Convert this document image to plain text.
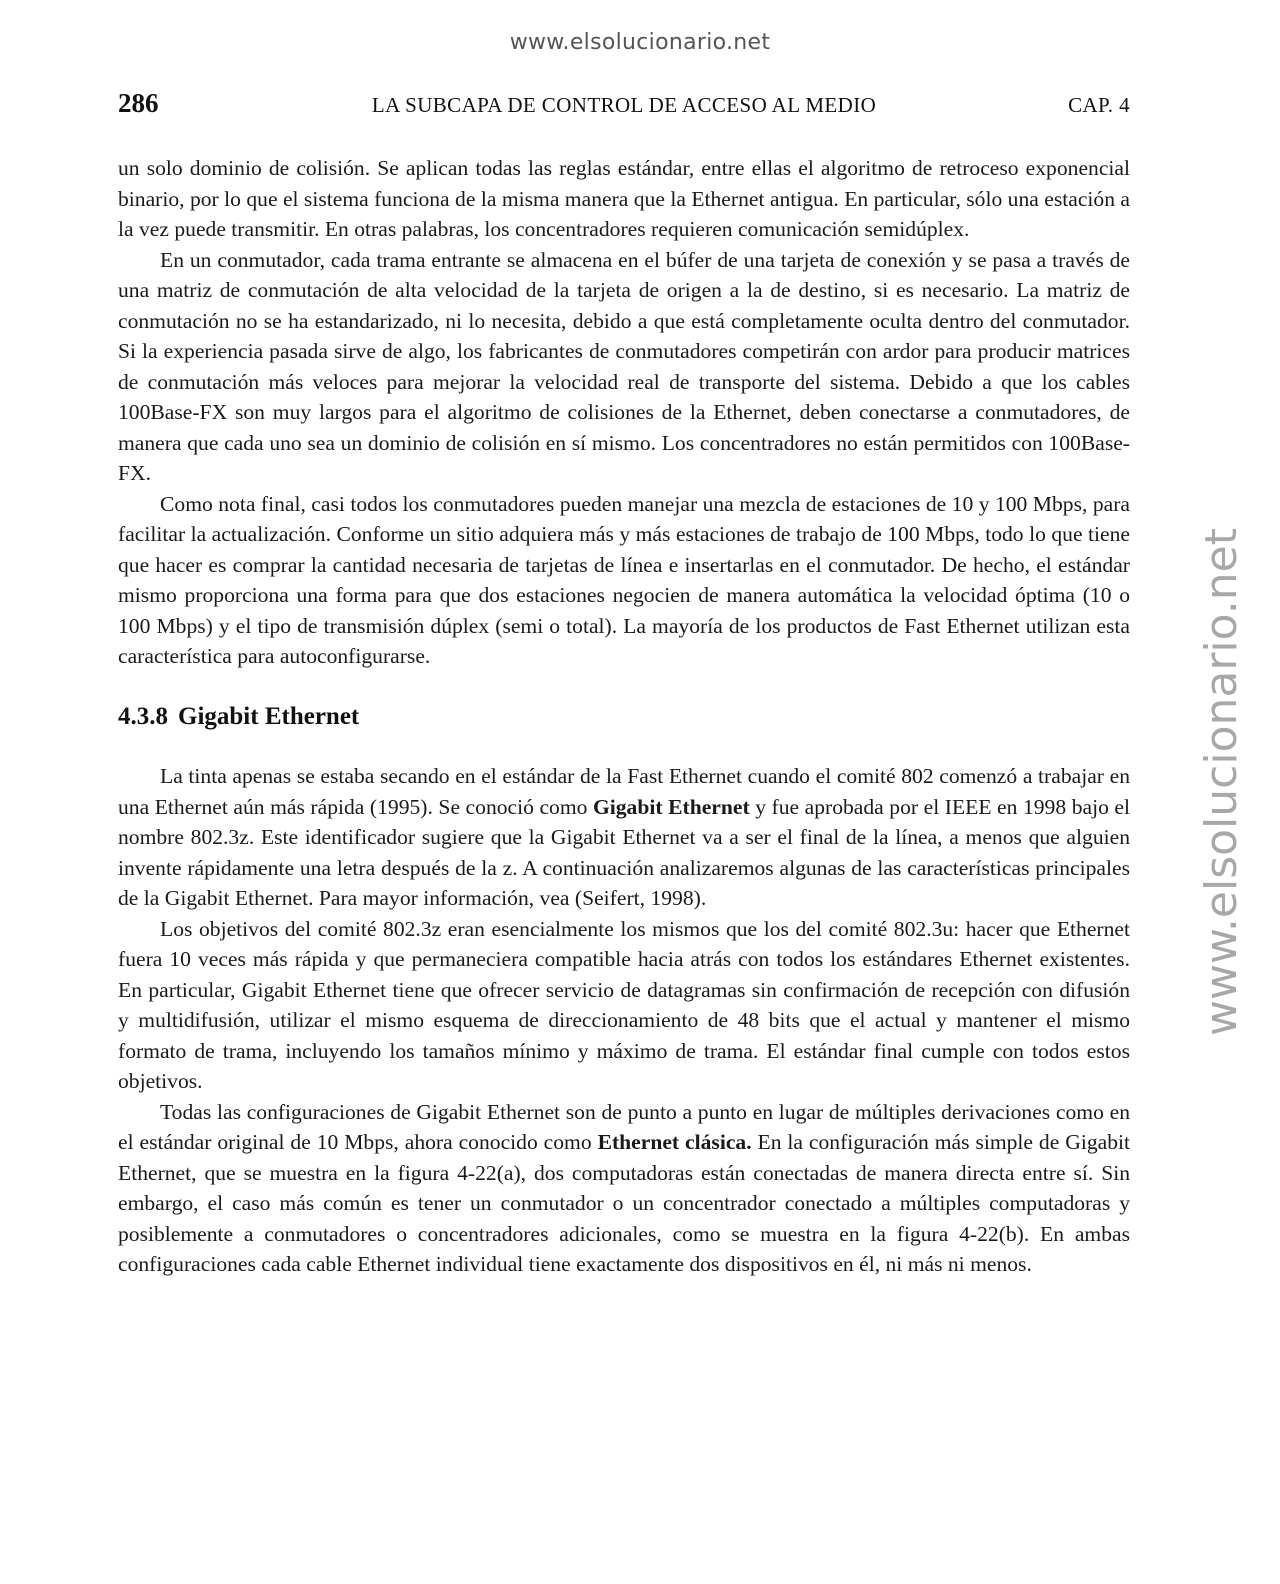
www.elsolucionario.net
www.elsolucionario.net
286	LA SUBCAPA DE CONTROL DE ACCESO AL MEDIO	CAP. 4

un solo dominio de colisión. Se aplican todas las reglas estándar, entre ellas el algoritmo de retroceso exponencial binario, por lo que el sistema funciona de la misma manera que la Ethernet antigua. En particular, sólo una estación a la vez puede transmitir. En otras palabras, los concentradores requieren comunicación semidúplex.

En un conmutador, cada trama entrante se almacena en el búfer de una tarjeta de conexión y se pasa a través de una matriz de conmutación de alta velocidad de la tarjeta de origen a la de destino, si es necesario. La matriz de conmutación no se ha estandarizado, ni lo necesita, debido a que está completamente oculta dentro del conmutador. Si la experiencia pasada sirve de algo, los fabricantes de conmutadores competirán con ardor para producir matrices de conmutación más veloces para mejorar la velocidad real de transporte del sistema. Debido a que los cables 100Base-FX son muy largos para el algoritmo de colisiones de la Ethernet, deben conectarse a conmutadores, de manera que cada uno sea un dominio de colisión en sí mismo. Los concentradores no están permitidos con 100Base-FX.

Como nota final, casi todos los conmutadores pueden manejar una mezcla de estaciones de 10 y 100 Mbps, para facilitar la actualización. Conforme un sitio adquiera más y más estaciones de trabajo de 100 Mbps, todo lo que tiene que hacer es comprar la cantidad necesaria de tarjetas de línea e insertarlas en el conmutador. De hecho, el estándar mismo proporciona una forma para que dos estaciones negocien de manera automática la velocidad óptima (10 o 100 Mbps) y el tipo de transmisión dúplex (semi o total). La mayoría de los productos de Fast Ethernet utilizan esta característica para autoconfigurarse.

4.3.8 Gigabit Ethernet

La tinta apenas se estaba secando en el estándar de la Fast Ethernet cuando el comité 802 comenzó a trabajar en una Ethernet aún más rápida (1995). Se conoció como Gigabit Ethernet y fue aprobada por el IEEE en 1998 bajo el nombre 802.3z. Este identificador sugiere que la Gigabit Ethernet va a ser el final de la línea, a menos que alguien invente rápidamente una letra después de la z. A continuación analizaremos algunas de las características principales de la Gigabit Ethernet. Para mayor información, vea (Seifert, 1998).

Los objetivos del comité 802.3z eran esencialmente los mismos que los del comité 802.3u: hacer que Ethernet fuera 10 veces más rápida y que permaneciera compatible hacia atrás con todos los estándares Ethernet existentes. En particular, Gigabit Ethernet tiene que ofrecer servicio de datagramas sin confirmación de recepción con difusión y multidifusión, utilizar el mismo esquema de direccionamiento de 48 bits que el actual y mantener el mismo formato de trama, incluyendo los tamaños mínimo y máximo de trama. El estándar final cumple con todos estos objetivos.

Todas las configuraciones de Gigabit Ethernet son de punto a punto en lugar de múltiples derivaciones como en el estándar original de 10 Mbps, ahora conocido como Ethernet clásica. En la configuración más simple de Gigabit Ethernet, que se muestra en la figura 4-22(a), dos computadoras están conectadas de manera directa entre sí. Sin embargo, el caso más común es tener un conmutador o un concentrador conectado a múltiples computadoras y posiblemente a conmutadores o concentradores adicionales, como se muestra en la figura 4-22(b). En ambas configuraciones cada cable Ethernet individual tiene exactamente dos dispositivos en él, ni más ni menos.
